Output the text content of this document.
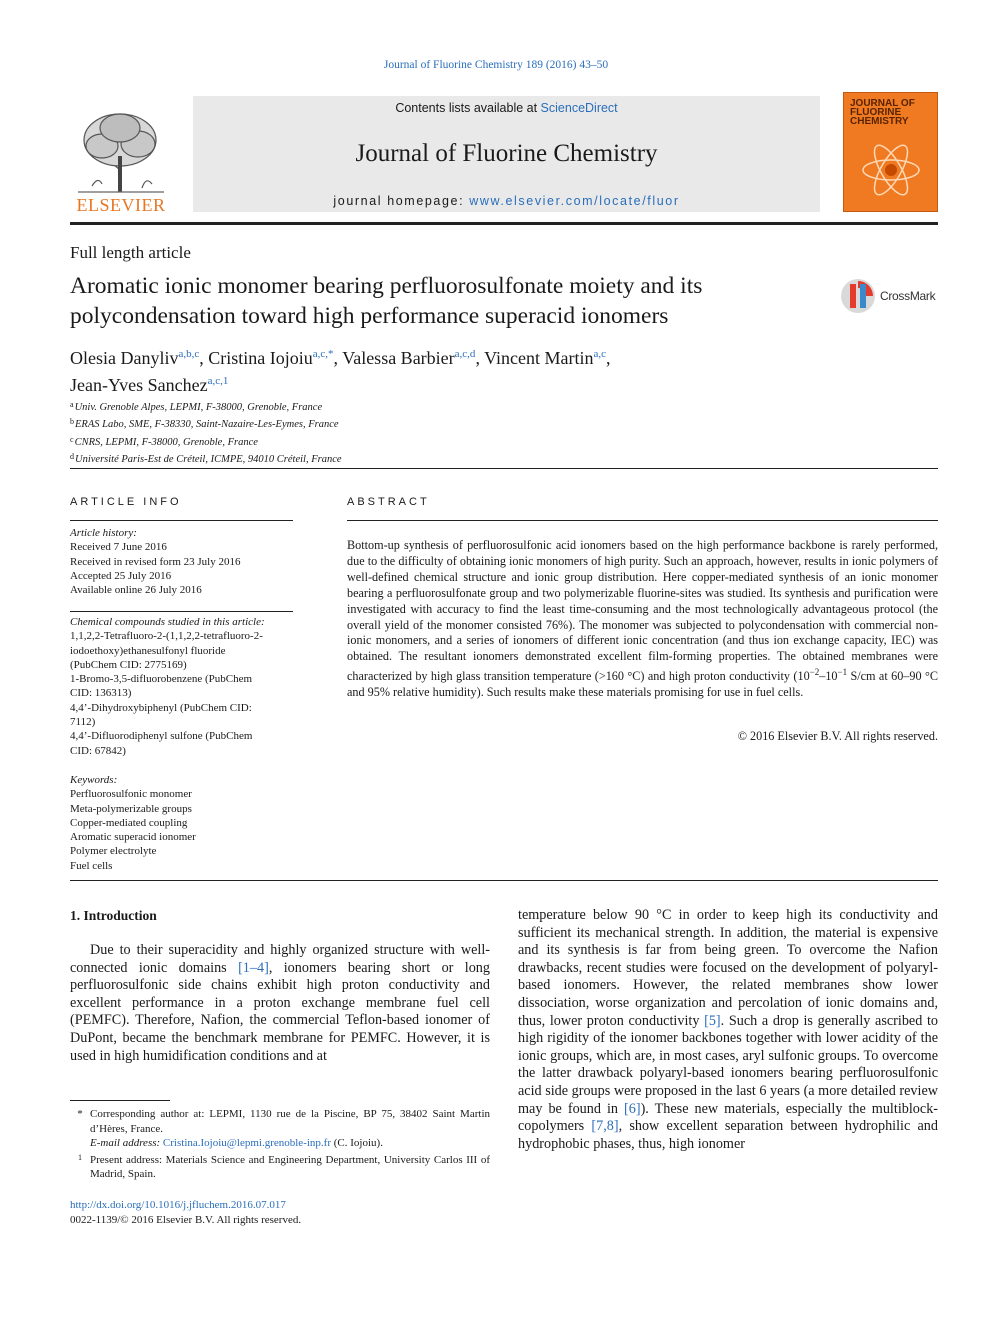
Journal of Fluorine Chemistry 189 (2016) 43–50
Contents lists available at ScienceDirect
Journal of Fluorine Chemistry
journal homepage: www.elsevier.com/locate/fluor
ELSEVIER
JOURNAL OF FLUORINE CHEMISTRY
Full length article
Aromatic ionic monomer bearing perfluorosulfonate moiety and its polycondensation toward high performance superacid ionomers
CrossMark
Olesia Danyliv$^{a,b,c}$, Cristina Iojoiu$^{a,c,*}$, Valessa Barbier$^{a,c,d}$, Vincent Martin$^{a,c}$,
Jean-Yves Sanchez$^{a,c,1}$
$^a$Univ. Grenoble Alpes, LEPMI, F-38000, Grenoble, France
$^b$ERAS Labo, SME, F-38330, Saint-Nazaire-Les-Eymes, France
$^c$CNRS, LEPMI, F-38000, Grenoble, France
$^d$Université Paris-Est de Créteil, ICMPE, 94010 Créteil, France
ARTICLE INFO
Article history:
Received 7 June 2016
Received in revised form 23 July 2016
Accepted 25 July 2016
Available online 26 July 2016
Chemical compounds studied in this article:
1,1,2,2-Tetrafluoro-2-(1,1,2,2-tetrafluoro-2-
iodoethoxy)ethanesulfonyl fluoride
(PubChem CID: 2775169)
1-Bromo-3,5-difluorobenzene (PubChem
CID: 136313)
4,4’-Dihydroxybiphenyl (PubChem CID:
7112)
4,4’-Difluorodiphenyl sulfone (PubChem
CID: 67842)
Keywords:
Perfluorosulfonic monomer
Meta-polymerizable groups
Copper-mediated coupling
Aromatic superacid ionomer
Polymer electrolyte
Fuel cells
ABSTRACT
Bottom-up synthesis of perfluorosulfonic acid ionomers based on the high performance backbone is rarely performed, due to the difficulty of obtaining ionic monomers of high purity. Such an approach, however, results in ionic polymers of well-defined chemical structure and ionic group distribution. Here copper-mediated synthesis of an ionic monomer bearing a perfluorosulfonate group and two polymerizable fluorine-sites was studied. Its synthesis and purification were investigated with accuracy to find the least time-consuming and the most technologically advantageous protocol (the overall yield of the monomer consisted 76%). The monomer was subjected to polycondensation with commercial non-ionic monomers, and a series of ionomers of different ionic concentration (and thus ion exchange capacity, IEC) was obtained. The resultant ionomers demonstrated excellent film-forming properties. The obtained membranes were characterized by high glass transition temperature (>160 °C) and high proton conductivity ($10^{-2}-10^{-1}$ S/cm at 60–90 °C and 95% relative humidity). Such results make these materials promising for use in fuel cells.
© 2016 Elsevier B.V. All rights reserved.
1. Introduction

Due to their superacidity and highly organized structure with well-connected ionic domains [1–4], ionomers bearing short or long perfluorosulfonic side chains exhibit high proton conductivity and excellent performance in a proton exchange membrane fuel cell (PEMFC). Therefore, Nafion, the commercial Teflon-based ionomer of DuPont, became the benchmark membrane for PEMFC. However, it is used in high humidification conditions and at

temperature below 90 °C in order to keep high its conductivity and sufficient its mechanical strength. In addition, the material is expensive and its synthesis is far from being green. To overcome the Nafion drawbacks, recent studies were focused on the development of polyaryl-based ionomers. However, the related membranes show lower dissociation, worse organization and percolation of ionic domains and, thus, lower proton conductivity [5]. Such a drop is generally ascribed to high rigidity of the ionomer backbones together with lower acidity of the ionic groups, which are, in most cases, aryl sulfonic groups. To overcome the latter drawback polyaryl-based ionomers bearing perfluorosulfonic acid side groups were proposed in the last 6 years (a more detailed review may be found in [6]). These new materials, especially the multiblock-copolymers [7,8], show excellent separation between hydrophilic and hydrophobic phases, thus, high ionomer
* Corresponding author at: LEPMI, 1130 rue de la Piscine, BP 75, 38402 Saint Martin d’Hères, France.
E-mail address: Cristina.Iojoiu@lepmi.grenoble-inp.fr (C. Iojoiu).
1 Present address: Materials Science and Engineering Department, University Carlos III of Madrid, Spain.
http://dx.doi.org/10.1016/j.jfluchem.2016.07.017
0022-1139/© 2016 Elsevier B.V. All rights reserved.
